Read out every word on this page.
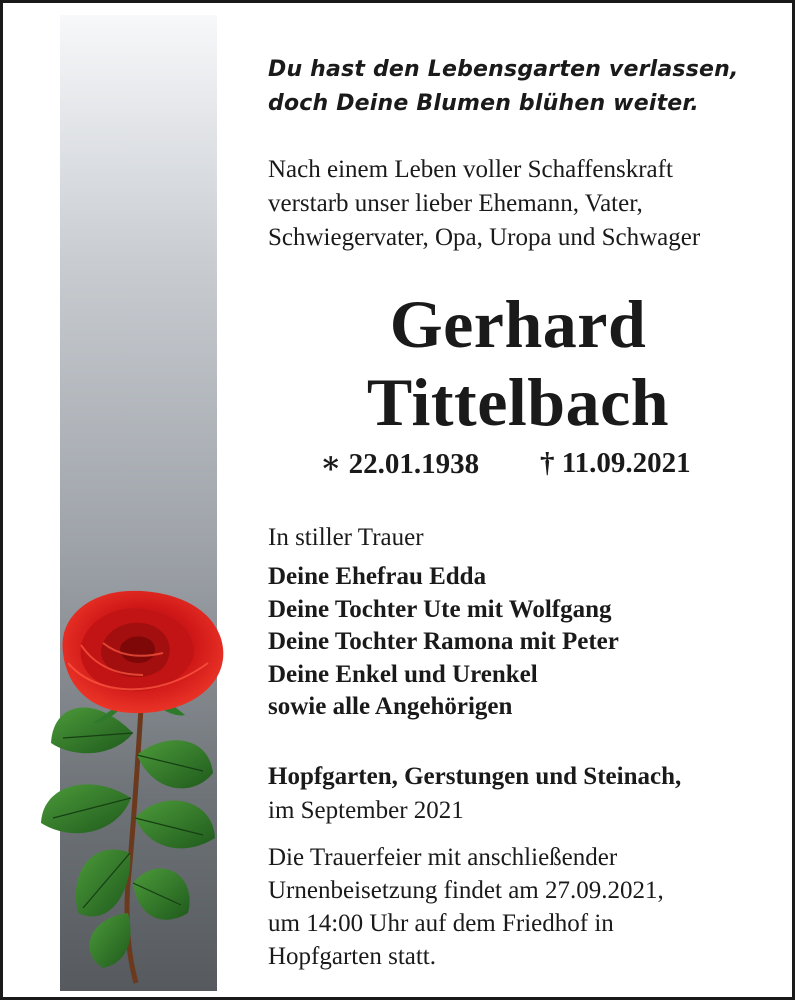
Du hast den Lebensgarten verlassen,
doch Deine Blumen blühen weiter.
Nach einem Leben voller Schaffenskraft
verstarb unser lieber Ehemann, Vater,
Schwiegervater, Opa, Uropa und Schwager
Gerhard
Tittelbach
∗ 22.01.1938 † 11.09.2021
In stiller Trauer
Deine Ehefrau Edda
Deine Tochter Ute mit Wolfgang
Deine Tochter Ramona mit Peter
Deine Enkel und Urenkel
sowie alle Angehörigen
Hopfgarten, Gerstungen und Steinach,
im September 2021
Die Trauerfeier mit anschließender
Urnenbeisetzung findet am 27.09.2021,
um 14:00 Uhr auf dem Friedhof in
Hopfgarten statt.
